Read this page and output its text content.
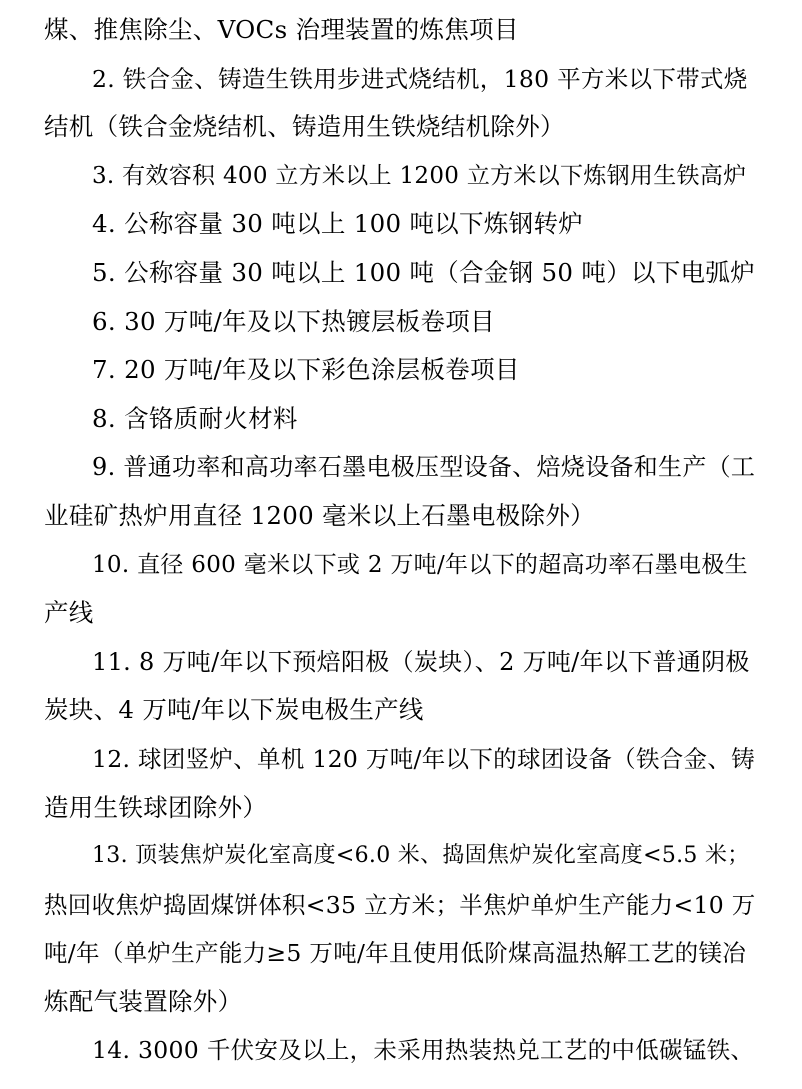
煤、推焦除尘、VOCs 治理装置的炼焦项目
2. 铁合金、铸造生铁用步进式烧结机，180 平方米以下带式烧
结机（铁合金烧结机、铸造用生铁烧结机除外）
3. 有效容积 400 立方米以上 1200 立方米以下炼钢用生铁高炉
4. 公称容量 30 吨以上 100 吨以下炼钢转炉
5. 公称容量 30 吨以上 100 吨（合金钢 50 吨）以下电弧炉
6. 30 万吨/年及以下热镀层板卷项目
7. 20 万吨/年及以下彩色涂层板卷项目
8. 含铬质耐火材料
9. 普通功率和高功率石墨电极压型设备、焙烧设备和生产（工
业硅矿热炉用直径 1200 毫米以上石墨电极除外）
10. 直径 600 毫米以下或 2 万吨/年以下的超高功率石墨电极生
产线
11. 8 万吨/年以下预焙阳极（炭块）、2 万吨/年以下普通阴极
炭块、4 万吨/年以下炭电极生产线
12. 球团竖炉、单机 120 万吨/年以下的球团设备（铁合金、铸
造用生铁球团除外）
13. 顶装焦炉炭化室高度<6.0 米、捣固焦炉炭化室高度<5.5 米；
热回收焦炉捣固煤饼体积<35 立方米；半焦炉单炉生产能力<10 万
吨/年（单炉生产能力≥5 万吨/年且使用低阶煤高温热解工艺的镁冶
炼配气装置除外）
14. 3000 千伏安及以上，未采用热装热兑工艺的中低碳锰铁、
